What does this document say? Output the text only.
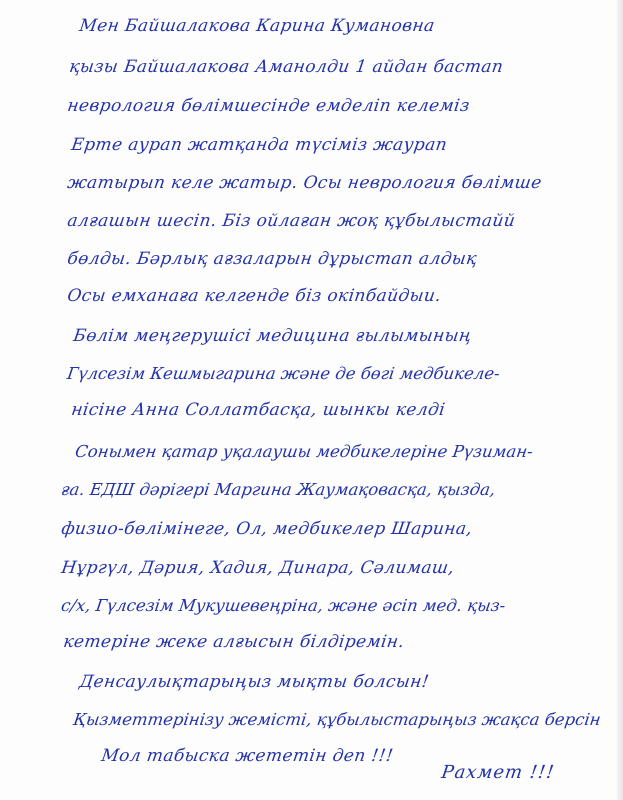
Мен Байшалакова Карина Кумановна
қызы Байшалакова Аманолди 1 айдан бастап
неврология бөлімшесінде емделіп келеміз
Ерте аурап жатқанда түсіміз жаурап
жатырып келе жатыр. Осы неврология бөлімше
алғашын шесіп. Біз ойлаған жоқ құбылыстайй
бөлды. Бәрлық ағзаларын дұрыстап алдық
Осы емханаға келгенде біз окіпбайдыи.
Бөлім меңгерушісі медицина ғылымының
Гүлсезім Кешмыгарина және де бөгі медбикеле-
нісіне Анна Соллатбасқа, шынкы келді
Сонымен қатар уқалаушы медбикелеріне Рүзиман-
ға. ЕДШ дәрігері Маргина Жаумақовасқа, қызда,
физио-бөлімінеге, Ол, медбикелер Шарина,
Нұргүл, Дәрия, Хадия, Динара, Сәлимаш,
с/х, Гүлсезім Мукушевеңріна, және әсіп мед. қыз-
кетеріне жеке алғысын білдіремін.
Денсаулықтарыңыз мықты болсын!
Қызметтерінізу жемісті, құбылыстарыңыз жақса берсін
Мол табыска жететін деп !!!
Рахмет !!!
